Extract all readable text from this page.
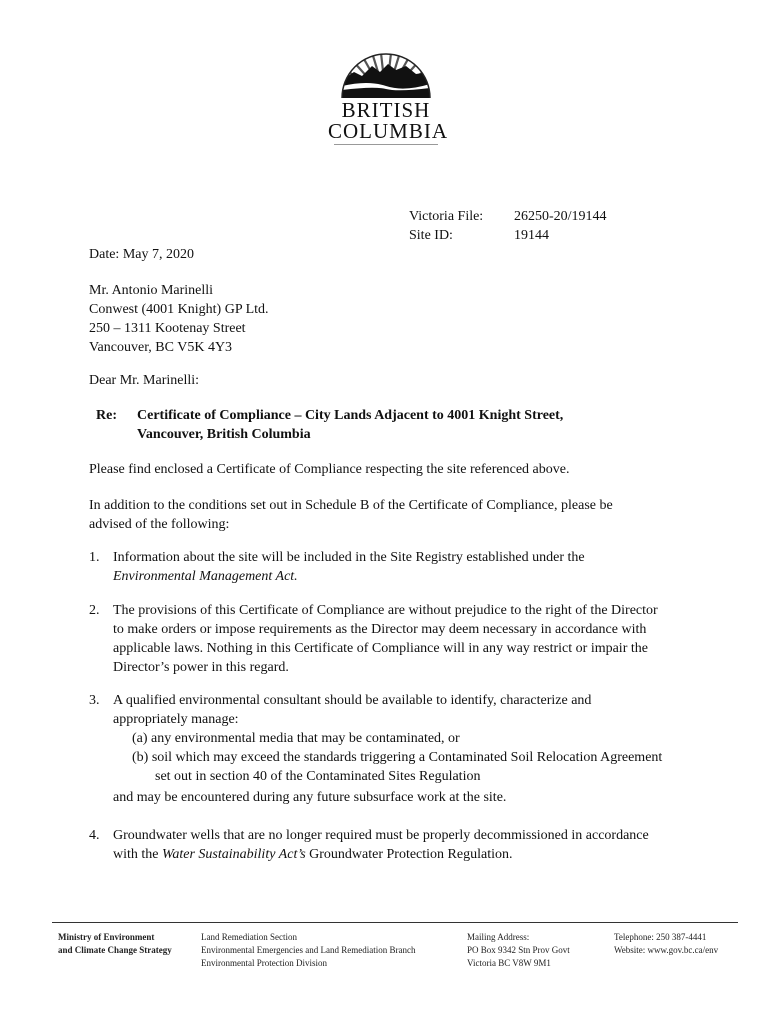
BRITISH
COLUMBIA
Victoria File:	26250-20/19144
Site ID:	19144
Date: May 7, 2020
Mr. Antonio Marinelli
Conwest (4001 Knight) GP Ltd.
250 – 1311 Kootenay Street
Vancouver, BC V5K 4Y3
Dear Mr. Marinelli:
Re: Certificate of Compliance – City Lands Adjacent to 4001 Knight Street,
Vancouver, British Columbia
Please find enclosed a Certificate of Compliance respecting the site referenced above.
In addition to the conditions set out in Schedule B of the Certificate of Compliance, please be
advised of the following:
1. Information about the site will be included in the Site Registry established under the
Environmental Management Act.
2. The provisions of this Certificate of Compliance are without prejudice to the right of the Director
to make orders or impose requirements as the Director may deem necessary in accordance with
applicable laws. Nothing in this Certificate of Compliance will in any way restrict or impair the
Director’s power in this regard.
3. A qualified environmental consultant should be available to identify, characterize and
appropriately manage:
(a) any environmental media that may be contaminated, or
(b) soil which may exceed the standards triggering a Contaminated Soil Relocation Agreement
set out in section 40 of the Contaminated Sites Regulation
and may be encountered during any future subsurface work at the site.
4. Groundwater wells that are no longer required must be properly decommissioned in accordance
with the Water Sustainability Act’s Groundwater Protection Regulation.
Ministry of Environment
and Climate Change Strategy
Land Remediation Section
Environmental Emergencies and Land Remediation Branch
Environmental Protection Division
Mailing Address:
PO Box 9342 Stn Prov Govt
Victoria BC V8W 9M1
Telephone: 250 387-4441
Website: www.gov.bc.ca/env
